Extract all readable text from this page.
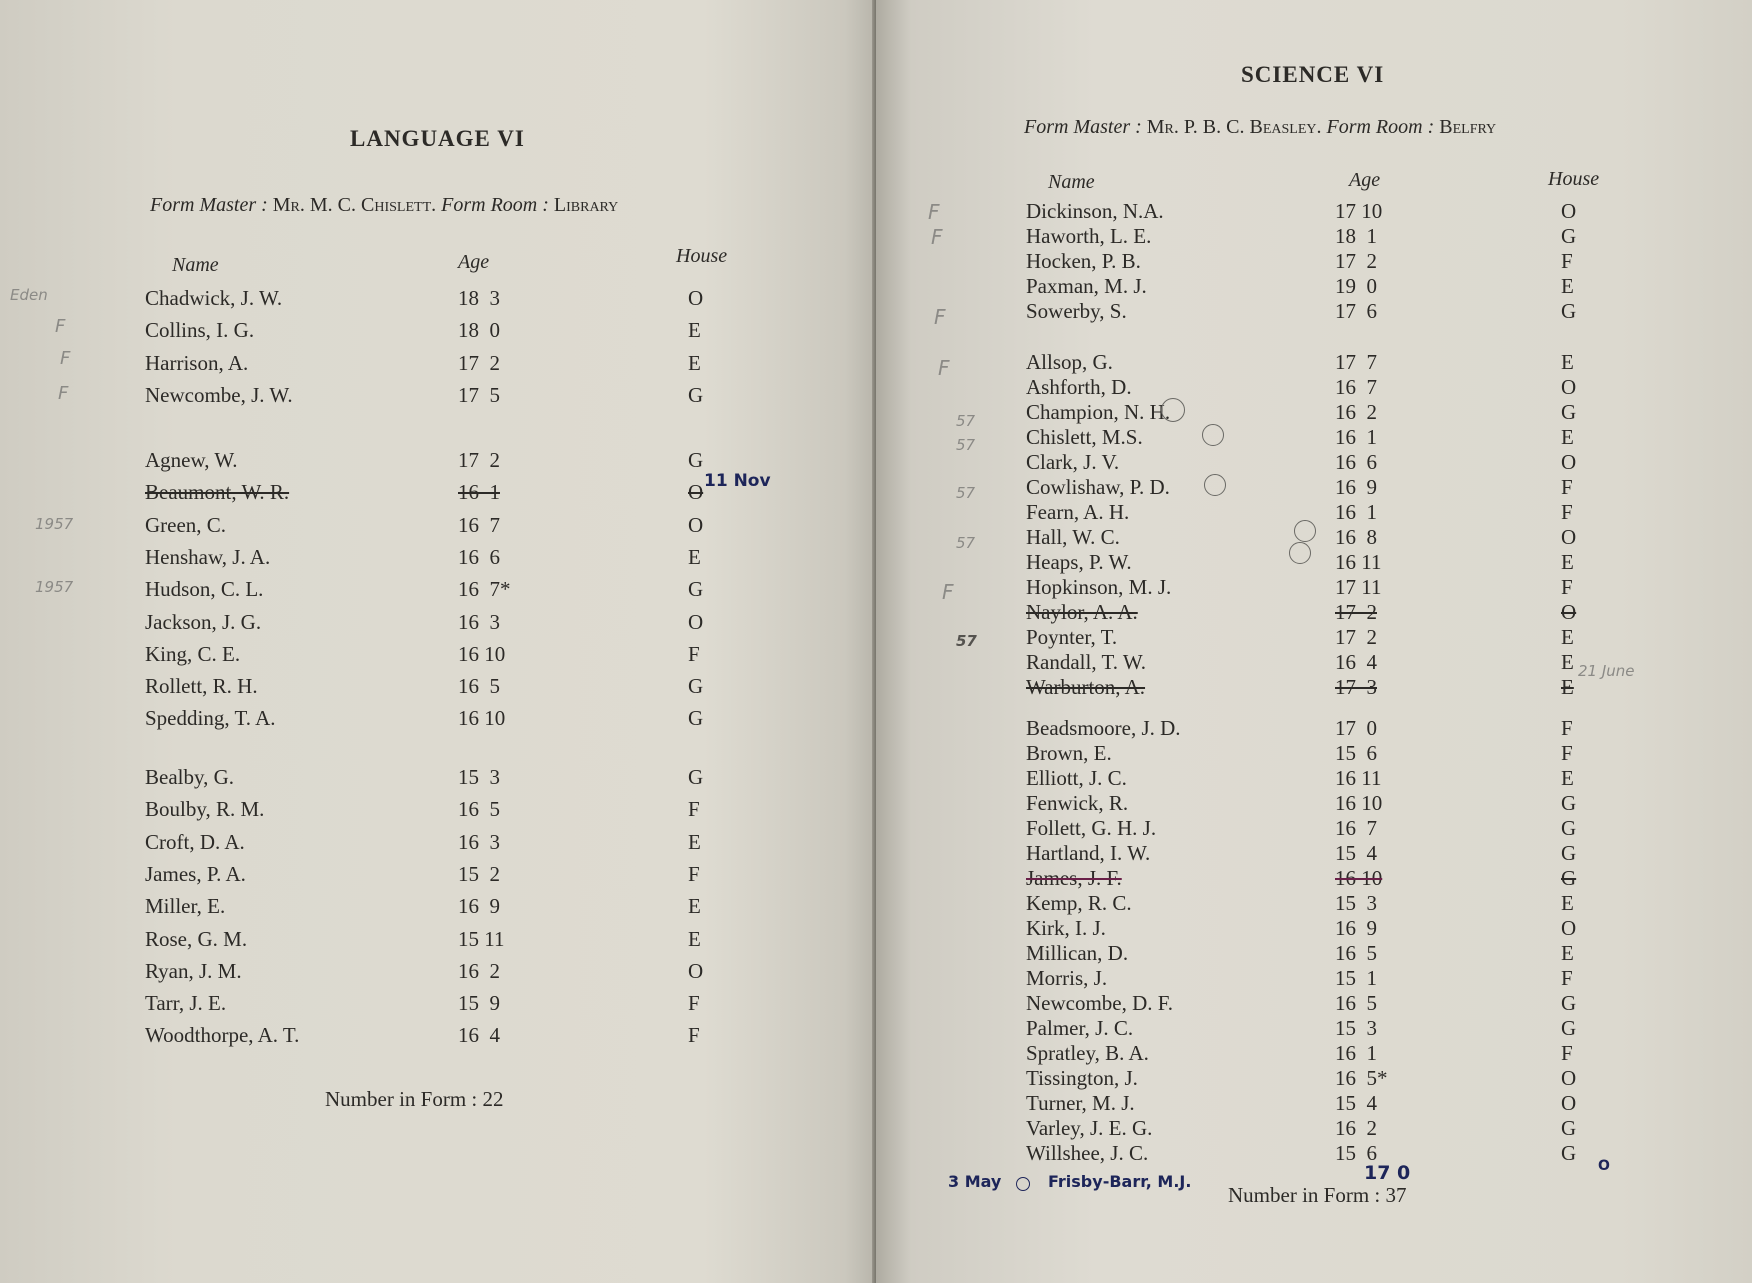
LANGUAGE VI
Form Master : Mr. M. C. Chislett. Form Room : Library
Name	Age	House
Chadwick, J. W.	18  3	O
Collins, I. G.	18  0	E
Harrison, A.	17  2	E
Newcombe, J. W.	17  5	G
Agnew, W.	17  2	G
Beaumont, W. R.	16  1	O
Green, C.	16  7	O
Henshaw, J. A.	16  6	E
Hudson, C. L.	16  7*	G
Jackson, J. G.	16  3	O
King, C. E.	16 10	F
Rollett, R. H.	16  5	G
Spedding, T. A.	16 10	G
Bealby, G.	15  3	G
Boulby, R. M.	16  5	F
Croft, D. A.	16  3	E
James, P. A.	15  2	F
Miller, E.	16  9	E
Rose, G. M.	15 11	E
Ryan, J. M.	16  2	O
Tarr, J. E.	15  9	F
Woodthorpe, A. T.	16  4	F
Number in Form : 22
Eden
F
F
F
1957
1957
11 Nov
SCIENCE VI
Form Master : Mr. P. B. C. Beasley. Form Room : Belfry
Name	Age	House
Dickinson, N.A.	17 10	O
Haworth, L. E.	18  1	G
Hocken, P. B.	17  2	F
Paxman, M. J.	19  0	E
Sowerby, S.	17  6	G
Allsop, G.	17  7	E
Ashforth, D.	16  7	O
Champion, N. H.	16  2	G
Chislett, M.S.	16  1	E
Clark, J. V.	16  6	O
Cowlishaw, P. D.	16  9	F
Fearn, A. H.	16  1	F
Hall, W. C.	16  8	O
Heaps, P. W.	16 11	E
Hopkinson, M. J.	17 11	F
Naylor, A. A.	17  2	O
Poynter, T.	17  2	E
Randall, T. W.	16  4	E
Warburton, A.	17  3	E
Beadsmoore, J. D.	17  0	F
Brown, E.	15  6	F
Elliott, J. C.	16 11	E
Fenwick, R.	16 10	G
Follett, G. H. J.	16  7	G
Hartland, I. W.	15  4	G
James, J. F.	16 10	G
Kemp, R. C.	15  3	E
Kirk, I. J.	16  9	O
Millican, D.	16  5	E
Morris, J.	15  1	F
Newcombe, D. F.	16  5	G
Palmer, J. C.	15  3	G
Spratley, B. A.	16  1	F
Tissington, J.	16  5*	O
Turner, M. J.	15  4	O
Varley, J. E. G.	16  2	G
Willshee, J. C.	15  6	G
3 May ○ Frisby-Barr, M.J.	17 0	O
Number in Form : 37
F
F
F
F
F
57
57
57
57
57
21 June
